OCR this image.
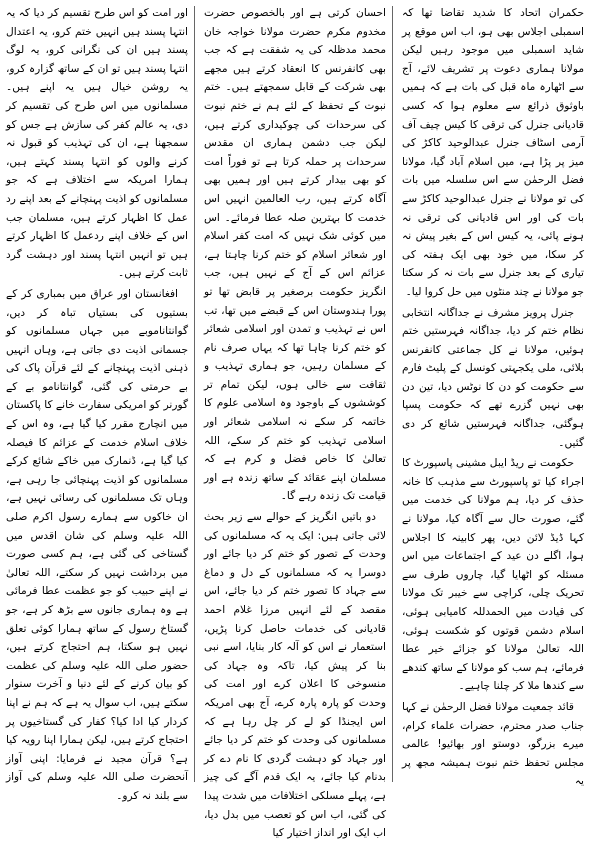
حکمران اتحاد کا شدید تقاضا تھا کہ اسمبلی اجلاس بھی ہو، اب اس موقع پر شاید اسمبلی میں موجود رہیں لیکن مولانا ہماری دعوت پر تشریف لائے، آج سے اٹھارہ ماہ قبل کی بات ہے کہ ہمیں باوثوق ذرائع سے معلوم ہوا کہ کسی قادیانی جنرل کی ترقی کا کیس چیف آف آرمی اسٹاف جنرل عبدالوحید کاکڑ کی میز پر پڑا ہے، میں اسلام آباد گیا، مولانا فضل الرحمٰن سے اس سلسلہ میں بات کی تو مولانا نے جنرل عبدالوحید کاکڑ سے بات کی اور اس قادیانی کی ترقی نہ ہونے پائی، یہ کیس اس کے بغیر پیش نہ کر سکا، میں خود بھی ایک ہفتہ کی تیاری کے بعد جنرل سے بات نہ کر سکتا جو مولانا نے چند منٹوں میں حل کروا لیا۔

جنرل پرویز مشرف نے جداگانہ انتخابی نظام ختم کر دیا، جداگانہ فہرستیں ختم ہوئیں، مولانا نے کل جماعتی کانفرنس بلائی، ملی یکجہتی کونسل کے پلیٹ فارم سے حکومت کو دن کا نوٹس دیا، تین دن بھی نہیں گزرے تھے کہ حکومت پسپا ہوگئی، جداگانہ فہرستیں شائع کر دی گئیں۔

حکومت نے ریڈ ایبل مشینی پاسپورٹ کا اجراء کیا تو پاسپورٹ سے مذہب کا خانہ حذف کر دیا، ہم مولانا کی خدمت میں گئے، صورت حال سے آگاہ کیا، مولانا نے کہا ڈیڈ لائن دیں، پھر کابینہ کا اجلاس ہوا، اگلے دن عید کے اجتماعات میں اس مسئلہ کو اٹھایا گیا، چاروں طرف سے تحریک چلی، کراچی سے خیبر تک مولانا کی قیادت میں الحمدللہ کامیابی ہوئی، اسلام دشمن قوتوں کو شکست ہوئی، اللہ تعالیٰ مولانا کو جزائے خیر عطا فرمائے، ہم سب کو مولانا کے ساتھ کندھے سے کندھا ملا کر چلنا چاہیے۔

قائد جمعیت مولانا فضل الرحمٰن نے کہا جناب صدر محترم، حضرات علماء کرام، میرے بزرگو، دوستو اور بھائیو! عالمی مجلس تحفظ ختم نبوت ہمیشہ مجھ پر یہ

احسان کرتی ہے اور بالخصوص حضرت مخدوم مکرم حضرت مولانا خواجہ خان محمد مدظلہ کی یہ شفقت ہے کہ جب بھی کانفرنس کا انعقاد کرتے ہیں مجھے بھی شرکت کے قابل سمجھتے ہیں۔ ختم نبوت کے تحفظ کے لئے ہم نے ختم نبوت کی سرحدات کی چوکیداری کرتے ہیں، لیکن جب دشمن ہماری ان مقدس سرحدات پر حملہ کرتا ہے تو فوراً امت کو بھی بیدار کرتے ہیں اور ہمیں بھی آگاہ کرتے ہیں، رب العالمین انہیں اس خدمت کا بہترین صلہ عطا فرمائے۔ اس میں کوئی شک نہیں کہ امت کفر اسلام اور شعائر اسلام کو ختم کرنا چاہتا ہے، عزائم اس کے آج کے نہیں ہیں، جب انگریز حکومت برصغیر پر قابض تھا تو پورا ہندوستان اس کے قبضے میں تھا، تب اس نے تہذیب و تمدن اور اسلامی شعائر کو ختم کرنا چاہا تھا کہ یہاں صرف نام کے مسلمان رہیں، جو ہماری تہذیب و ثقافت سے خالی ہوں، لیکن تمام تر کوششوں کے باوجود وہ اسلامی علوم کا خاتمہ کر سکے نہ اسلامی شعائر اور اسلامی تہذیب کو ختم کر سکے، اللہ تعالیٰ کا خاص فضل و کرم ہے کہ مسلمان اپنے عقائد کے ساتھ زندہ ہے اور قیامت تک زندہ رہے گا۔

دو باتیں انگریز کے حوالے سے زیر بحث لائی جاتی ہیں: ایک یہ کہ مسلمانوں کی وحدت کے تصور کو ختم کر دیا جائے اور دوسرا یہ کہ مسلمانوں کے دل و دماغ سے جہاد کا تصور ختم کر دیا جائے، اس مقصد کے لئے انہیں مرزا غلام احمد قادیانی کی خدمات حاصل کرنا پڑیں، استعمار نے اس کو آلہ کار بنایا، اسے نبی بنا کر پیش کیا، تاکہ وہ جہاد کی منسوخی کا اعلان کرے اور امت کی وحدت کو پارہ پارہ کرے، آج بھی امریکہ اس ایجنڈا کو لے کر چل رہا ہے کہ مسلمانوں کی وحدت کو ختم کر دیا جائے اور جہاد کو دہشت گردی کا نام دے کر بدنام کیا جائے، یہ ایک قدم آگے کی چیز ہے، پہلے مسلکی اختلافات میں شدت پیدا کی گئی، اب اس کو تعصب میں بدل دیا، اب ایک اور انداز اختیار کیا

اور امت کو اس طرح تقسیم کر دیا کہ یہ انتہا پسند ہیں انہیں ختم کرو، یہ اعتدال پسند ہیں ان کی نگرانی کرو، یہ لوگ انتہا پسند ہیں تو ان کے ساتھ گزارہ کرو، یہ روشن خیال ہیں یہ اپنے ہیں۔ مسلمانوں میں اس طرح کی تقسیم کر دی، یہ عالم کفر کی سازش ہے جس کو سمجھنا ہے، ان کی تہذیب کو قبول نہ کرنے والوں کو انتہا پسند کہتے ہیں، ہمارا امریکہ سے اختلاف ہے کہ جو مسلمانوں کو اذیت پہنچانے کے بعد اپنے رد عمل کا اظہار کرتے ہیں، مسلمان جب اس کے خلاف اپنے ردعمل کا اظہار کرتے ہیں تو انہیں انتہا پسند اور دہشت گرد ثابت کرتے ہیں۔

افغانستان اور عراق میں بمباری کر کے بستیوں کی بستیاں تباہ کر دیں، گوانتاناموبے میں جہاں مسلمانوں کو جسمانی اذیت دی جاتی ہے، وہاں انہیں ذہنی اذیت پہنچانے کے لئے قرآن پاک کی بے حرمتی کی گئی، گوانتانامو بے کے گورنر کو امریکی سفارت خانے کا پاکستان میں انچارج مقرر کیا گیا ہے، وہ اس کے خلاف اسلام خدمت کے عزائم کا فیصلہ کیا گیا ہے، ڈنمارک میں خاکے شائع کرکے مسلمانوں کو اذیت پہنچائی جا رہی ہے، وہاں تک مسلمانوں کی رسائی نہیں ہے، ان خاکوں سے ہمارے رسول اکرم صلی اللہ علیہ وسلم کی شان اقدس میں گستاخی کی گئی ہے، ہم کسی صورت میں برداشت نہیں کر سکتے، اللہ تعالیٰ نے اپنے حبیب کو جو عظمت عطا فرمائی ہے وہ ہماری جانوں سے بڑھ کر ہے، جو گستاخ رسول کے ساتھ ہمارا کوئی تعلق نہیں ہو سکتا، ہم احتجاج کرتے ہیں، حضور صلی اللہ علیہ وسلم کی عظمت کو بیان کرنے کے لئے دنیا و آخرت سنوار سکتے ہیں، اب سوال یہ ہے کہ ہم نے اپنا کردار کیا ادا کیا؟ کفار کی گستاخیوں پر احتجاج کرتے ہیں، لیکن ہمارا اپنا رویہ کیا ہے؟ قرآن مجید نے فرمایا: اپنی آواز آنحضرت صلی اللہ علیہ وسلم کی آواز سے بلند نہ کرو۔
